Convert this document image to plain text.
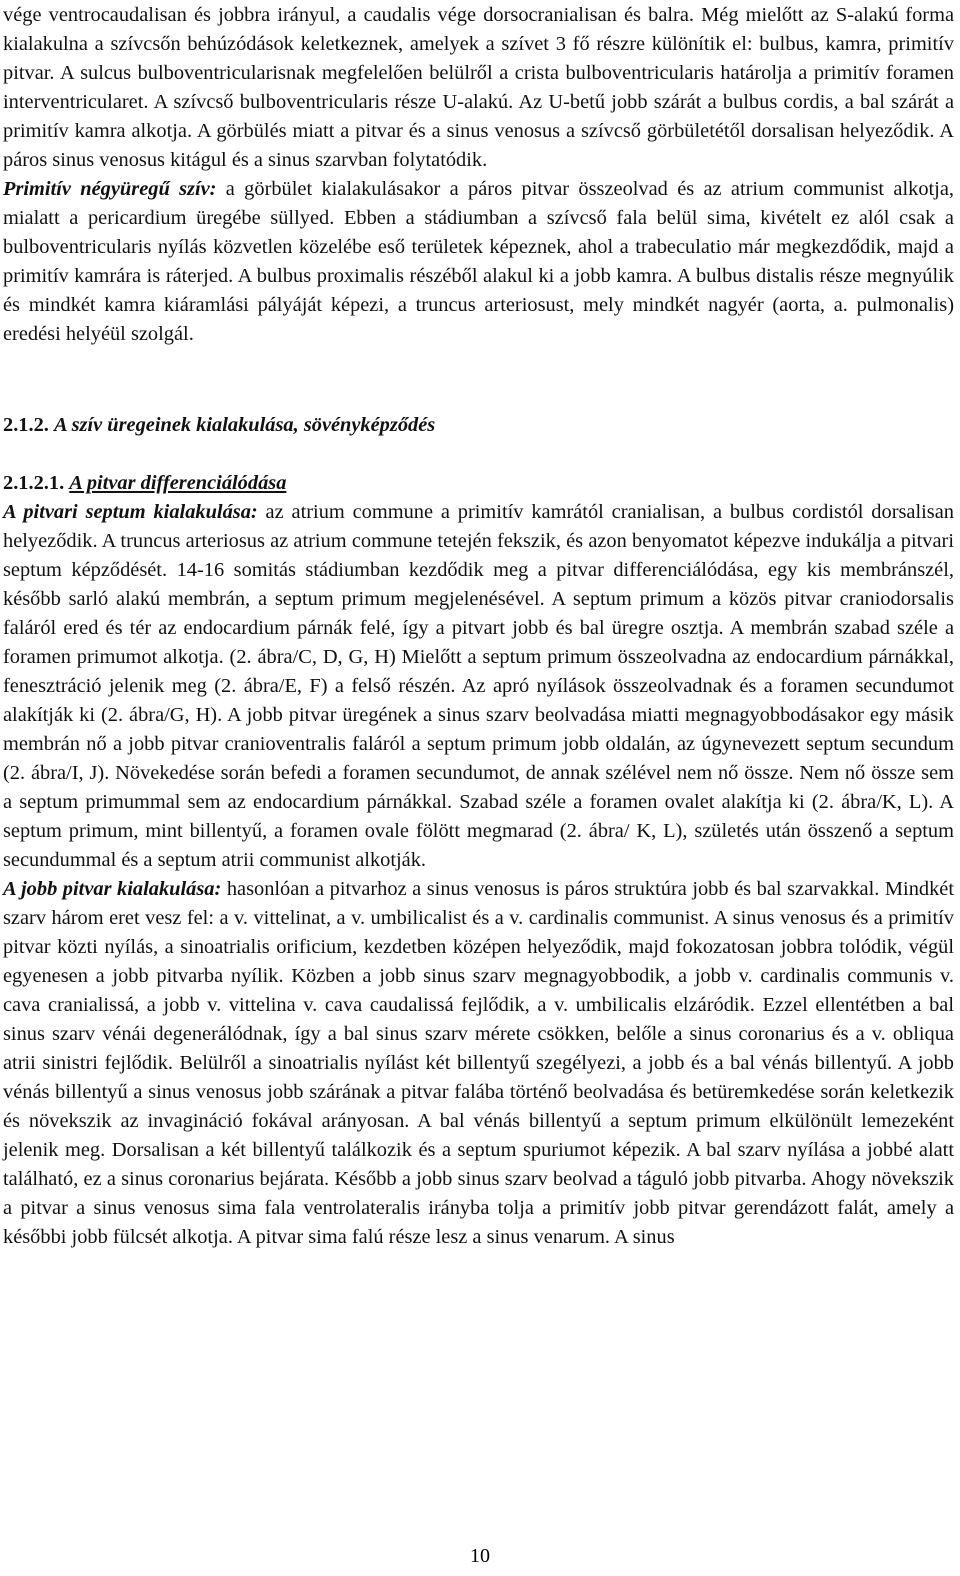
vége ventrocaudalisan és jobbra irányul, a caudalis vége dorsocranialisan és balra. Még mielőtt az S-alakú forma kialakulna a szívcsőn behúzódások keletkeznek, amelyek a szívet 3 fő részre különítik el: bulbus, kamra, primitív pitvar. A sulcus bulboventricularisnak megfelelően belülről a crista bulboventricularis határolja a primitív foramen interventricularet. A szívcső bulboventricularis része U-alakú. Az U-betű jobb szárát a bulbus cordis, a bal szárát a primitív kamra alkotja. A görbülés miatt a pitvar és a sinus venosus a szívcső görbületétől dorsalisan helyeződik. A páros sinus venosus kitágul és a sinus szarvban folytatódik.

Primitív négyüregű szív: a görbület kialakulásakor a páros pitvar összeolvad és az atrium communist alkotja, mialatt a pericardium üregébe süllyed. Ebben a stádiumban a szívcső fala belül sima, kivételt ez alól csak a bulboventricularis nyílás közvetlen közelébe eső területek képeznek, ahol a trabeculatio már megkezdődik, majd a primitív kamrára is ráterjed. A bulbus proximalis részéből alakul ki a jobb kamra. A bulbus distalis része megnyúlik és mindkét kamra kiáramlási pályáját képezi, a truncus arteriosust, mely mindkét nagyér (aorta, a. pulmonalis) eredési helyéül szolgál.

2.1.2. A szív üregeinek kialakulása, sövényképződés
2.1.2.1. A pitvar differenciálódása

A pitvari septum kialakulása: az atrium commune a primitív kamrától cranialisan, a bulbus cordistól dorsalisan helyeződik. A truncus arteriosus az atrium commune tetején fekszik, és azon benyomatot képezve indukálja a pitvari septum képződését. 14-16 somitás stádiumban kezdődik meg a pitvar differenciálódása, egy kis membránszél, később sarló alakú membrán, a septum primum megjelenésével. A septum primum a közös pitvar craniodorsalis faláról ered és tér az endocardium párnák felé, így a pitvart jobb és bal üregre osztja. A membrán szabad széle a foramen primumot alkotja. (2. ábra/C, D, G, H) Mielőtt a septum primum összeolvadna az endocardium párnákkal, fenesztráció jelenik meg (2. ábra/E, F) a felső részén. Az apró nyílások összeolvadnak és a foramen secundumot alakítják ki (2. ábra/G, H). A jobb pitvar üregének a sinus szarv beolvadása miatti megnagyobbodásakor egy másik membrán nő a jobb pitvar cranioventralis faláról a septum primum jobb oldalán, az úgynevezett septum secundum (2. ábra/I, J). Növekedése során befedi a foramen secundumot, de annak szélével nem nő össze. Nem nő össze sem a septum primummal sem az endocardium párnákkal. Szabad széle a foramen ovalet alakítja ki (2. ábra/K, L). A septum primum, mint billentyű, a foramen ovale fölött megmarad (2. ábra/ K, L), születés után összenő a septum secundummal és a septum atrii communist alkotják.

A jobb pitvar kialakulása: hasonlóan a pitvarhoz a sinus venosus is páros struktúra jobb és bal szarvakkal. Mindkét szarv három eret vesz fel: a v. vittelinat, a v. umbilicalist és a v. cardinalis communist. A sinus venosus és a primitív pitvar közti nyílás, a sinoatrialis orificium, kezdetben középen helyeződik, majd fokozatosan jobbra tolódik, végül egyenesen a jobb pitvarba nyílik. Közben a jobb sinus szarv megnagyobbodik, a jobb v. cardinalis communis v. cava cranialissá, a jobb v. vittelina v. cava caudalissá fejlődik, a v. umbilicalis elzáródik. Ezzel ellentétben a bal sinus szarv vénái degenerálódnak, így a bal sinus szarv mérete csökken, belőle a sinus coronarius és a v. obliqua atrii sinistri fejlődik. Belülről a sinoatrialis nyílást két billentyű szegélyezi, a jobb és a bal vénás billentyű. A jobb vénás billentyű a sinus venosus jobb szárának a pitvar falába történő beolvadása és betüremkedése során keletkezik és növekszik az invagináció fokával arányosan. A bal vénás billentyű a septum primum elkülönült lemezeként jelenik meg. Dorsalisan a két billentyű találkozik és a septum spuriumot képezik. A bal szarv nyílása a jobbé alatt található, ez a sinus coronarius bejárata. Később a jobb sinus szarv beolvad a táguló jobb pitvarba. Ahogy növekszik a pitvar a sinus venosus sima fala ventrolateralis irányba tolja a primitív jobb pitvar gerendázott falát, amely a későbbi jobb fülcsét alkotja. A pitvar sima falú része lesz a sinus venarum. A sinus

10
